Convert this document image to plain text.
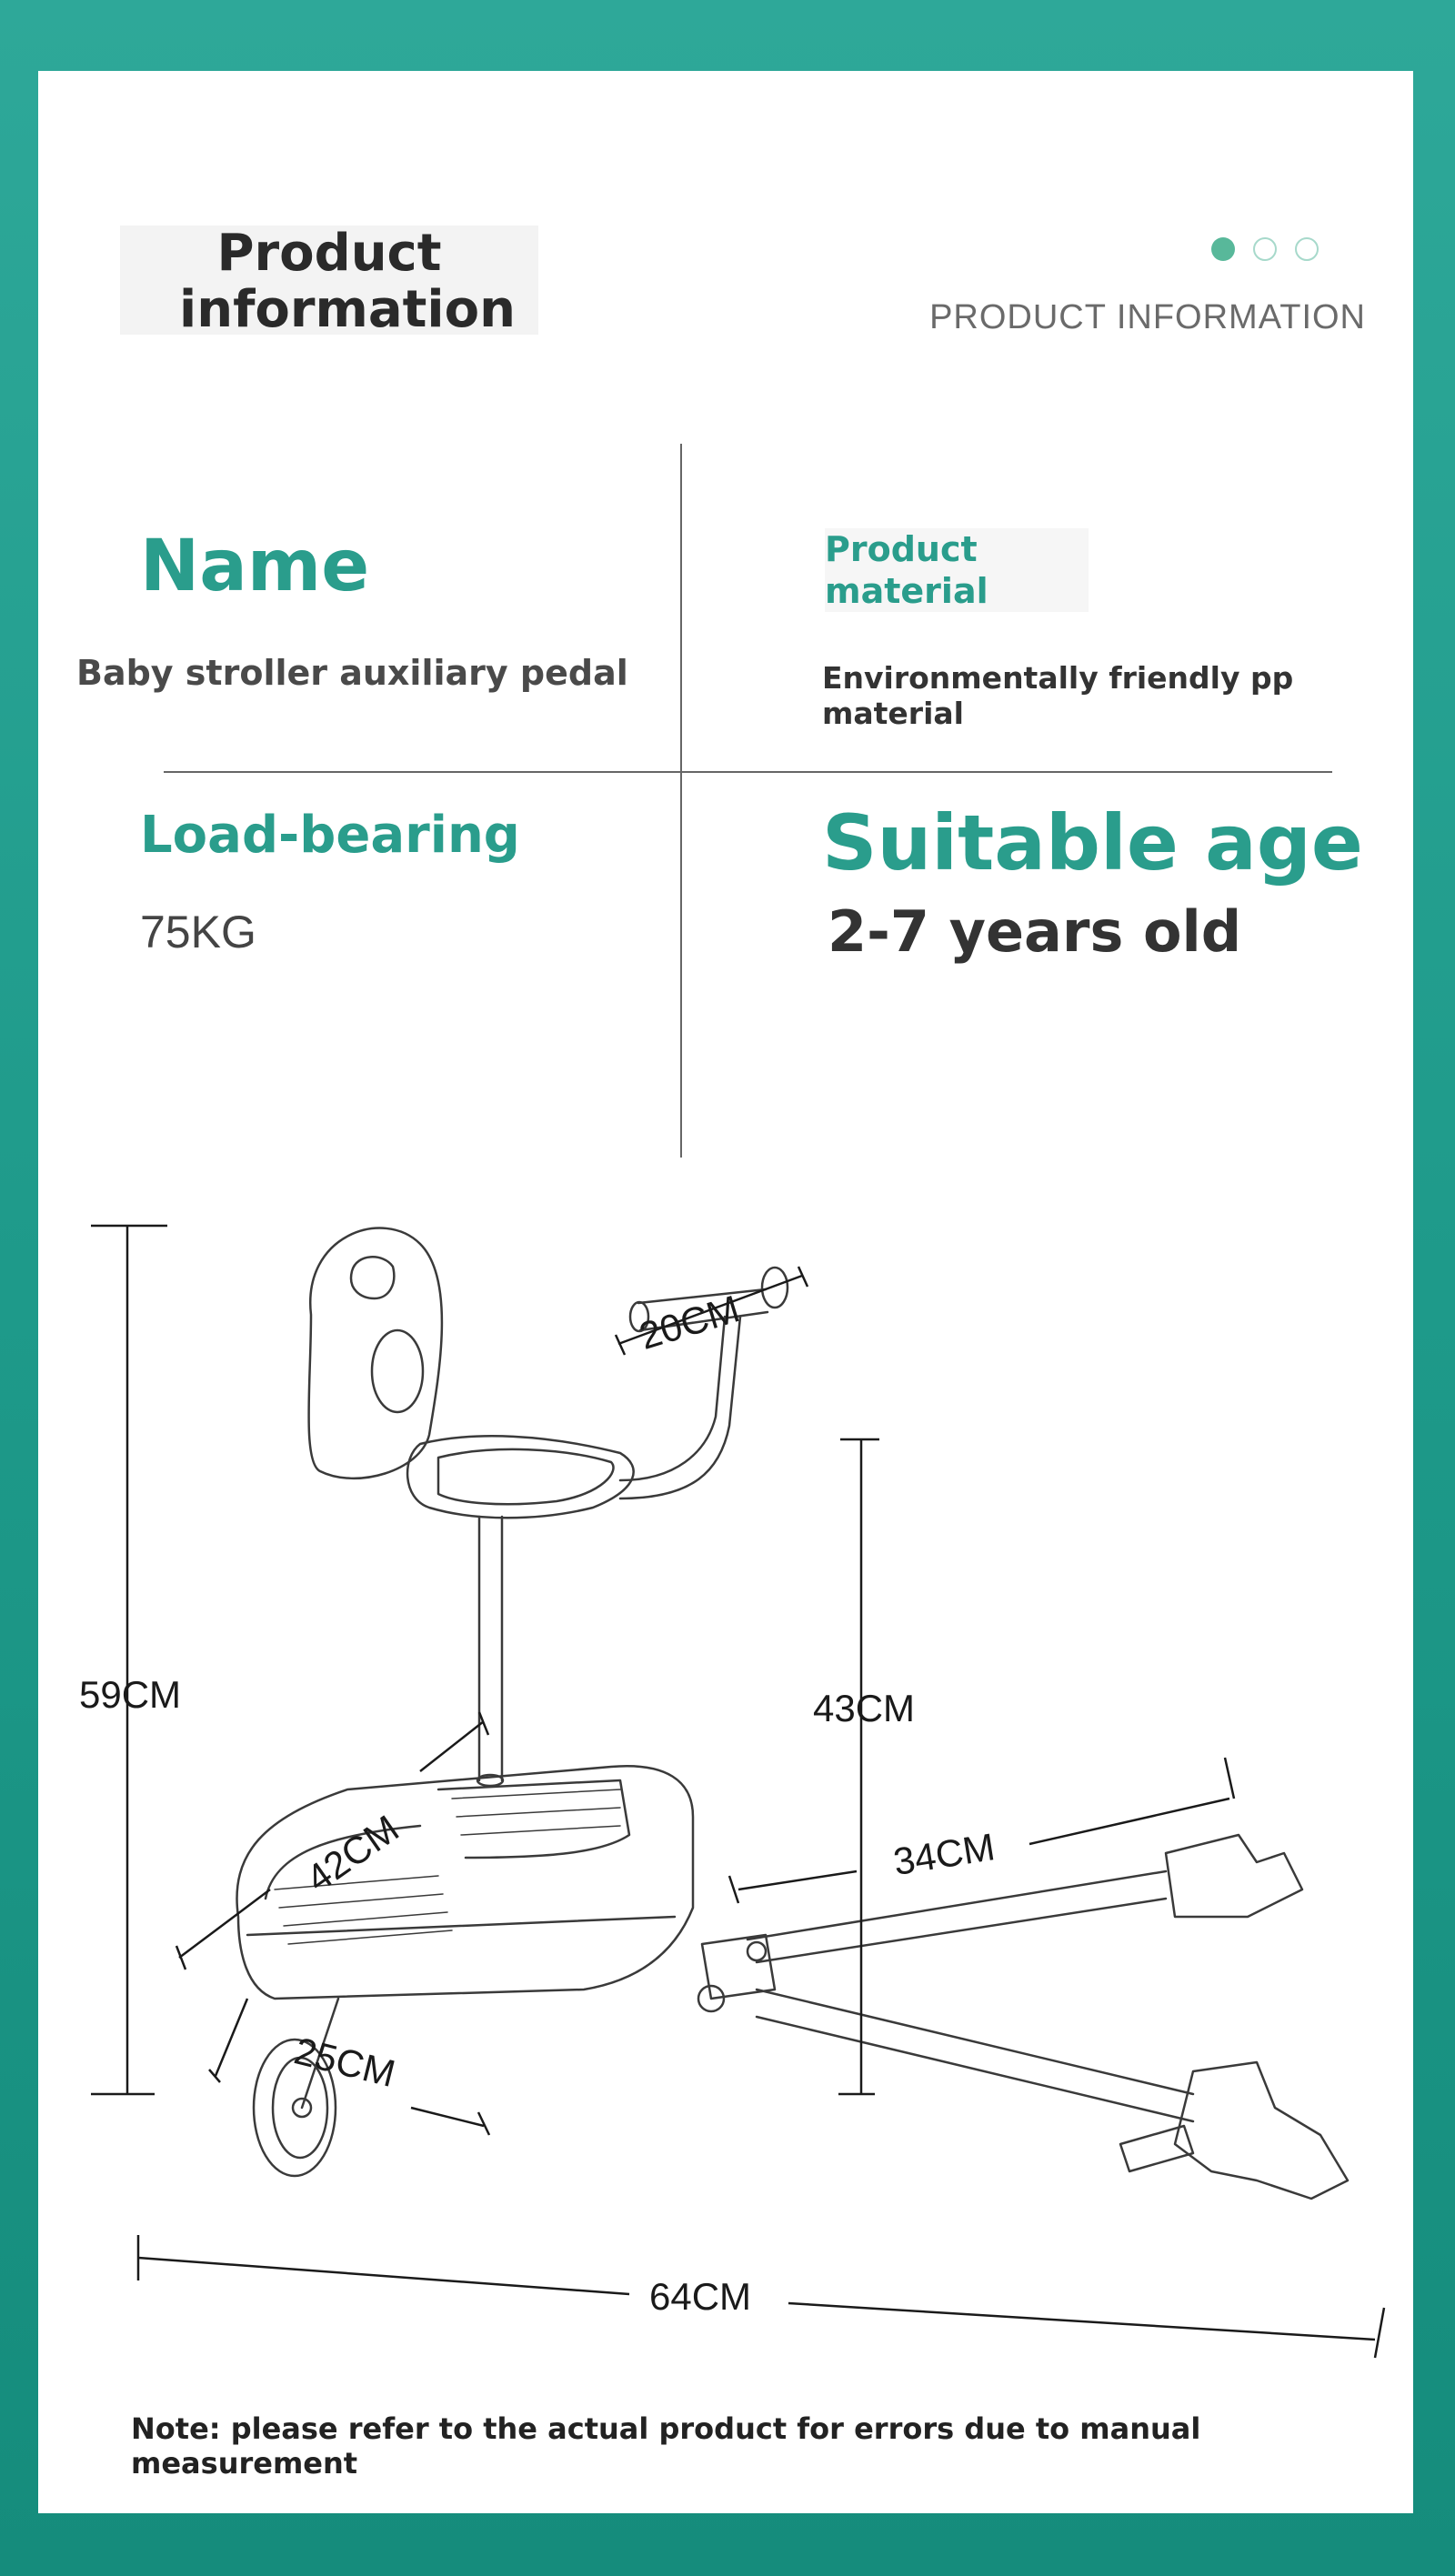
Product information	PRODUCT INFORMATION
Name
Baby stroller auxiliary pedal
Product material
Environmentally friendly pp material
Load-bearing
75KG
Suitable age
2-7 years old
20CM
59CM	43CM
42CM	34CM
25CM
64CM
Note: please refer to the actual product for errors due to manual measurement
